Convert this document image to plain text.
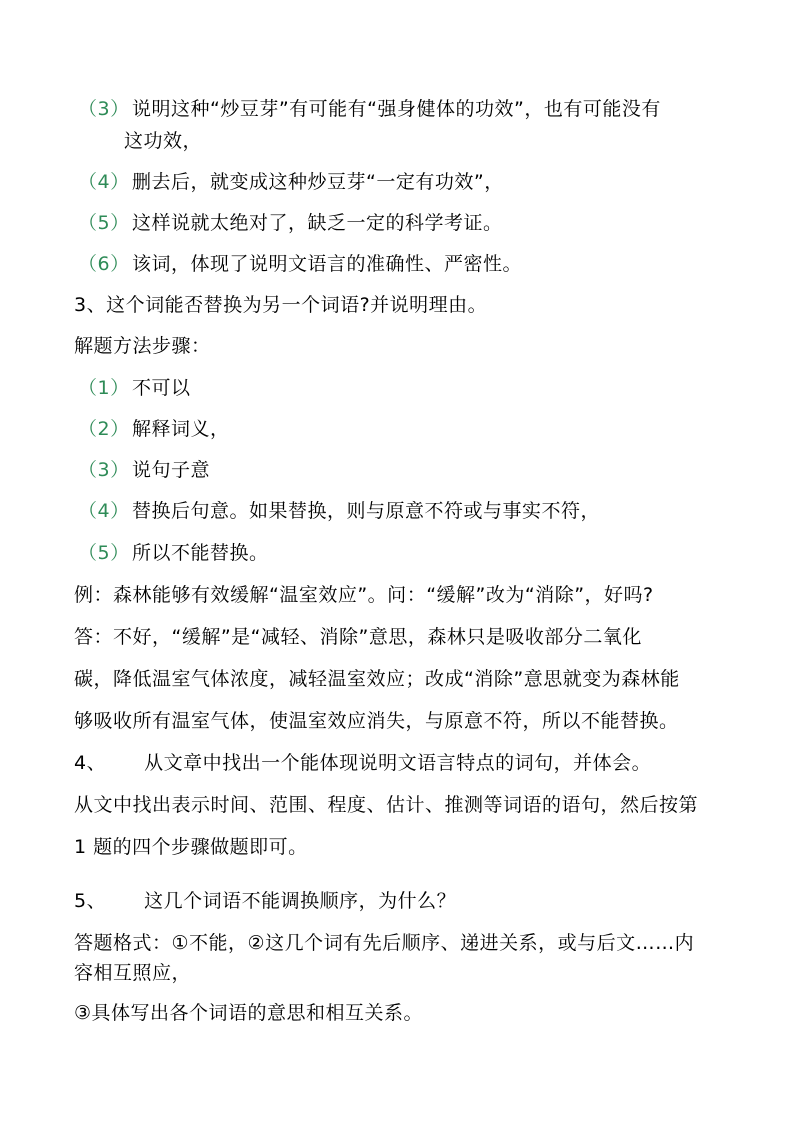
（3） 说明这种“炒豆芽”有可能有“强身健体的功效”，也有可能没有
这功效，
（4） 删去后，就变成这种炒豆芽“一定有功效”，
（5） 这样说就太绝对了，缺乏一定的科学考证。
（6） 该词，体现了说明文语言的准确性、严密性。
3、这个词能否替换为另一个词语?并说明理由。
解题方法步骤：
（1） 不可以
（2） 解释词义，
（3） 说句子意
（4） 替换后句意。如果替换，则与原意不符或与事实不符，
（5） 所以不能替换。
例：森林能够有效缓解“温室效应”。问：“缓解”改为“消除”，好吗?
答：不好，“缓解”是“减轻、消除”意思，森林只是吸收部分二氧化
碳，降低温室气体浓度，减轻温室效应；改成“消除”意思就变为森林能
够吸收所有温室气体，使温室效应消失，与原意不符，所以不能替换。
4、 从文章中找出一个能体现说明文语言特点的词句，并体会。
从文中找出表示时间、范围、程度、估计、推测等词语的语句，然后按第
1 题的四个步骤做题即可。
5、 这几个词语不能调换顺序，为什么？
答题格式：①不能，②这几个词有先后顺序、递进关系，或与后文……内
容相互照应，
③具体写出各个词语的意思和相互关系。
